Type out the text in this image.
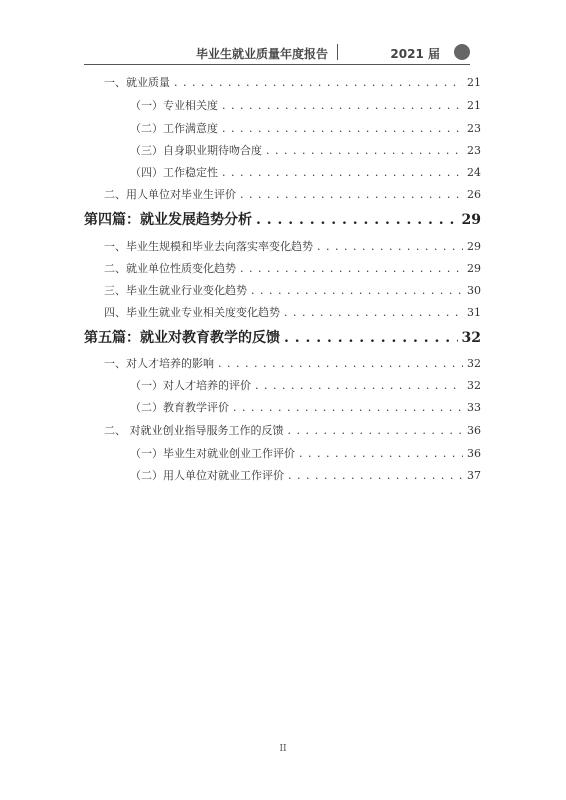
毕业生就业质量年度报告	2021 届
一、就业质量 . . .	21
（一）专业相关度 . . .	21
（二）工作满意度 . . .	23
（三）自身职业期待吻合度 . . .	23
（四）工作稳定性 . . .	24
二、用人单位对毕业生评价 . . .	26
第四篇：就业发展趋势分析 . . .	29
一、毕业生规模和毕业去向落实率变化趋势 . . .	29
二、就业单位性质变化趋势 . . .	29
三、毕业生就业行业变化趋势 . . .	30
四、毕业生就业专业相关度变化趋势 . . .	31
第五篇：就业对教育教学的反馈 . . .	32
一、对人才培养的影响 . . .	32
（一）对人才培养的评价 . . .	32
（二）教育教学评价 . . .	33
二、 对就业创业指导服务工作的反馈 . . .	36
（一）毕业生对就业创业工作评价 . . .	36
（二）用人单位对就业工作评价 . . .	37
II
